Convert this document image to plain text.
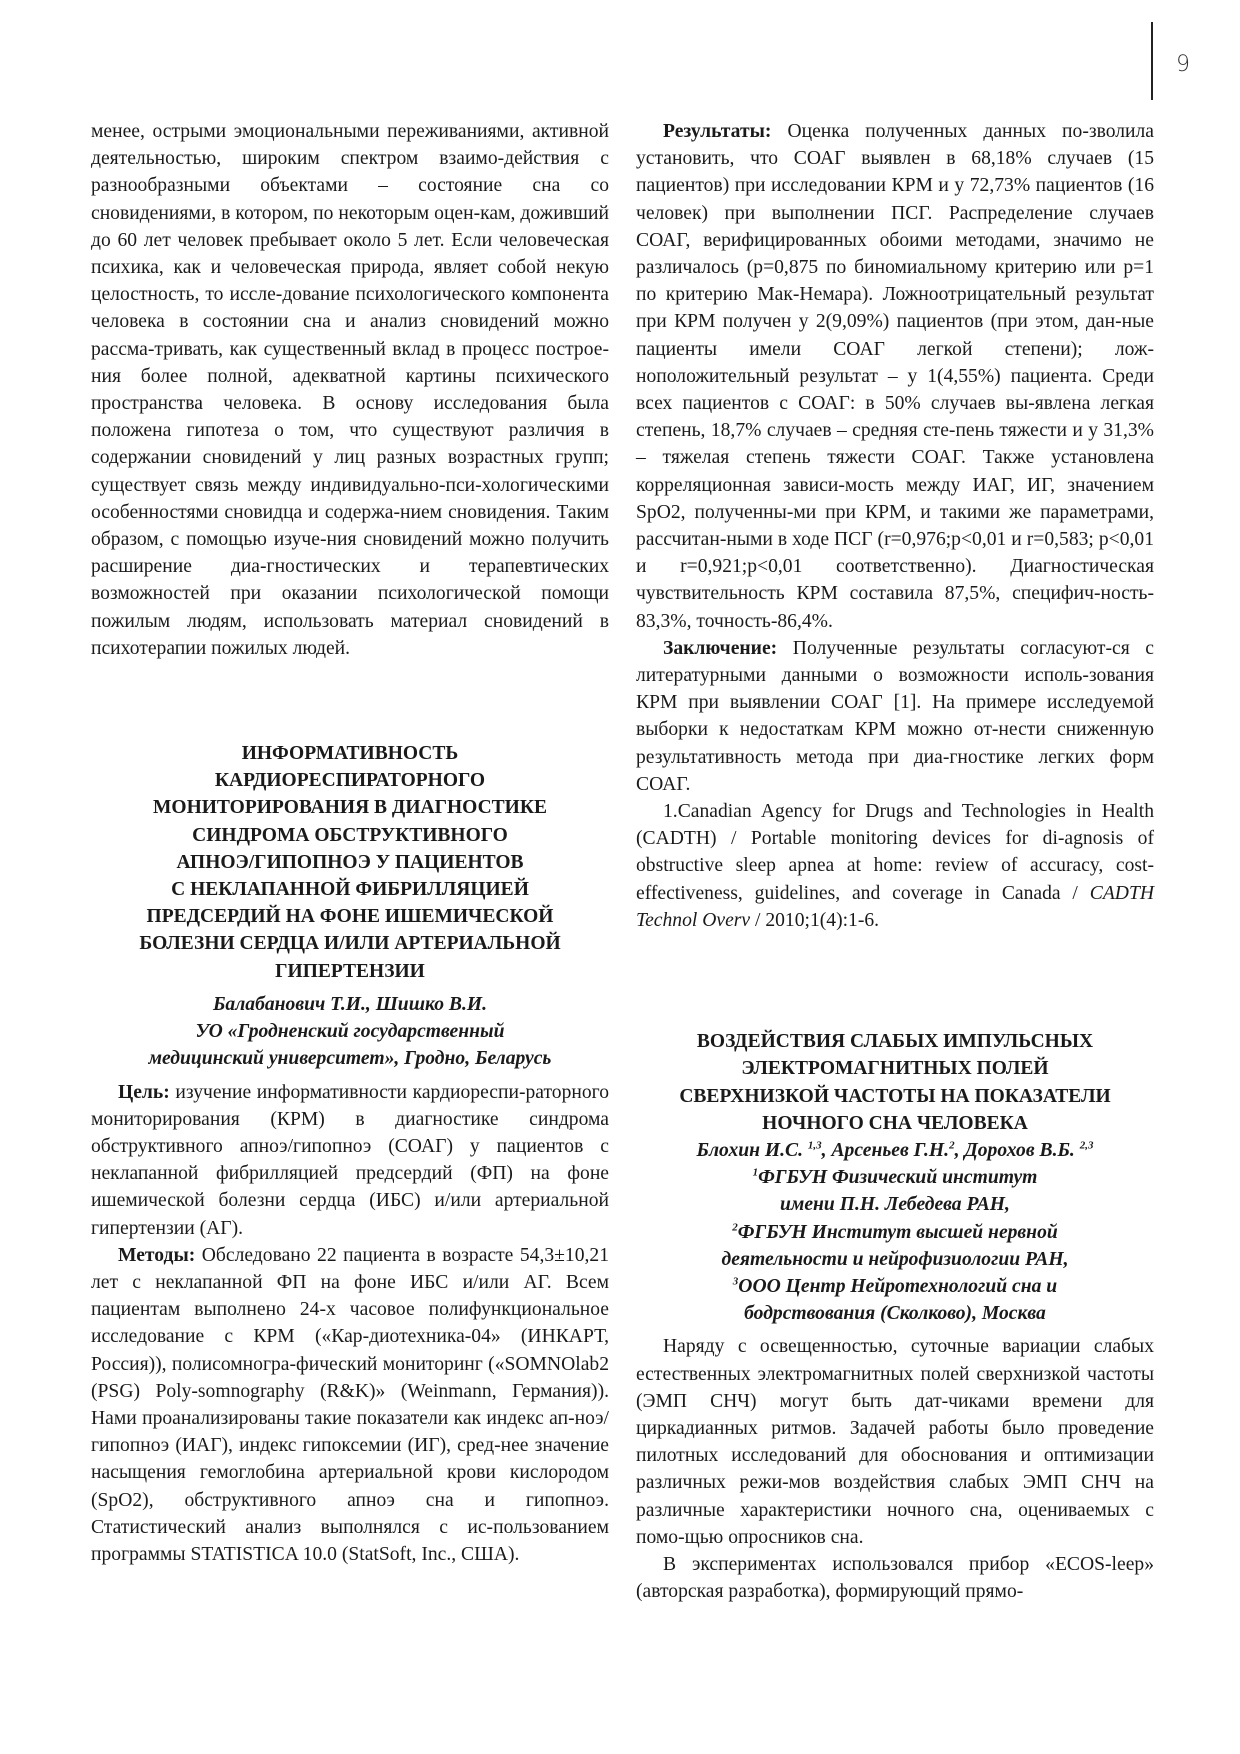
9

менее, острыми эмоциональными переживаниями, активной деятельностью, широким спектром взаимо-действия с разнообразными объектами – состояние сна со сновидениями, в котором, по некоторым оцен-кам, доживший до 60 лет человек пребывает около 5 лет. Если человеческая психика, как и человеческая природа, являет собой некую целостность, то иссле-дование психологического компонента человека в состоянии сна и анализ сновидений можно рассма-тривать, как существенный вклад в процесс построе-ния более полной, адекватной картины психического пространства человека. В основу исследования была положена гипотеза о том, что существуют различия в содержании сновидений у лиц разных возрастных групп; существует связь между индивидуально-пси-хологическими особенностями сновидца и содержа-нием сновидения. Таким образом, с помощью изуче-ния сновидений можно получить расширение диа-гностических и терапевтических возможностей при оказании психологической помощи пожилым людям, использовать материал сновидений в психотерапии пожилых людей.

ИНФОРМАТИВНОСТЬ

КАРДИОРЕСПИРАТОРНОГО

МОНИТОРИРОВАНИЯ В ДИАГНОСТИКЕ

СИНДРОМА ОБСТРУКТИВНОГО

АПНОЭ/ГИПОПНОЭ У ПАЦИЕНТОВ

С НЕКЛАПАННОЙ ФИБРИЛЛЯЦИЕЙ

ПРЕДСЕРДИЙ НА ФОНЕ ИШЕМИЧЕСКОЙ

БОЛЕЗНИ СЕРДЦА И/ИЛИ АРТЕРИАЛЬНОЙ

ГИПЕРТЕНЗИИ

Балабанович Т.И., Шишко В.И.

УО «Гродненский государственный

медицинский университет», Гродно, Беларусь

Цель: изучение информативности кардиореспи-раторного мониторирования (КРМ) в диагностике синдрома обструктивного апноэ/гипопноэ (СОАГ) у пациентов с неклапанной фибрилляцией предсердий (ФП) на фоне ишемической болезни сердца (ИБС) и/или артериальной гипертензии (АГ).

Методы: Обследовано 22 пациента в возрасте 54,3±10,21 лет с неклапанной ФП на фоне ИБС и/или АГ. Всем пациентам выполнено 24-х часовое полифункциональное исследование с КРМ («Кар-диотехника-04» (ИНКАРТ, Россия)), полисомногра-фический мониторинг («SOMNOlab2 (PSG) Poly-somnography (R&K)» (Weinmann, Германия)). Нами проанализированы такие показатели как индекс ап-ноэ/гипопноэ (ИАГ), индекс гипоксемии (ИГ), сред-нее значение насыщения гемоглобина артериальной крови кислородом (SpO2), обструктивного апноэ сна и гипопноэ. Статистический анализ выполнялся с ис-пользованием программы STATISTICA 10.0 (StatSoft, Inc., США).

Результаты: Оценка полученных данных по-зволила установить, что СОАГ выявлен в 68,18% случаев (15 пациентов) при исследовании КРМ и у 72,73% пациентов (16 человек) при выполнении ПСГ. Распределение случаев СОАГ, верифицированных обоими методами, значимо не различалось (p=0,875 по биномиальному критерию или p=1 по критерию Мак-Немара). Ложноотрицательный результат при КРМ получен у 2(9,09%) пациентов (при этом, дан-ные пациенты имели СОАГ легкой степени); лож-ноположительный результат – у 1(4,55%) пациента. Среди всех пациентов с СОАГ: в 50% случаев вы-явлена легкая степень, 18,7% случаев – средняя сте-пень тяжести и у 31,3% – тяжелая степень тяжести СОАГ. Также установлена корреляционная зависи-мость между ИАГ, ИГ, значением SpO2, полученны-ми при КРМ, и такими же параметрами, рассчитан-ными в ходе ПСГ (r=0,976;p<0,01 и r=0,583; p<0,01 и r=0,921;p<0,01 соответственно). Диагностическая чувствительность КРМ составила 87,5%, специфич-ность- 83,3%, точность-86,4%.

Заключение: Полученные результаты согласуют-ся с литературными данными о возможности исполь-зования КРМ при выявлении СОАГ [1]. На примере исследуемой выборки к недостаткам КРМ можно от-нести сниженную результативность метода при диа-гностике легких форм СОАГ.

1.Canadian Agency for Drugs and Technologies in Health (CADTH) / Portable monitoring devices for di-agnosis of obstructive sleep apnea at home: review of accuracy, cost-effectiveness, guidelines, and coverage in Canada / CADTH Technol Overv / 2010;1(4):1-6.

ВОЗДЕЙСТВИЯ СЛАБЫХ ИМПУЛЬСНЫХ

ЭЛЕКТРОМАГНИТНЫХ ПОЛЕЙ

СВЕРХНИЗКОЙ ЧАСТОТЫ НА ПОКАЗАТЕЛИ

НОЧНОГО СНА ЧЕЛОВЕКА

Блохин И.С. $^{1,3}$, Арсеньев Г.Н.$^2$, Дорохов В.Б. $^{2,3}$

$^1$ФГБУН Физический институт

имени П.Н. Лебедева РАН,

$^2$ФГБУН Институт высшей нервной

деятельности и нейрофизиологии РАН,

$^3$ООО Центр Нейротехнологий сна и

бодрствования (Сколково), Москва

Наряду с освещенностью, суточные вариации слабых естественных электромагнитных полей сверхнизкой частоты (ЭМП СНЧ) могут быть дат-чиками времени для циркадианных ритмов. Задачей работы было проведение пилотных исследований для обоснования и оптимизации различных режи-мов воздействия слабых ЭМП СНЧ на различные характеристики ночного сна, оцениваемых с помо-щью опросников сна.

В экспериментах использовался прибор «ECOS-leep» (авторская разработка), формирующий прямо-
